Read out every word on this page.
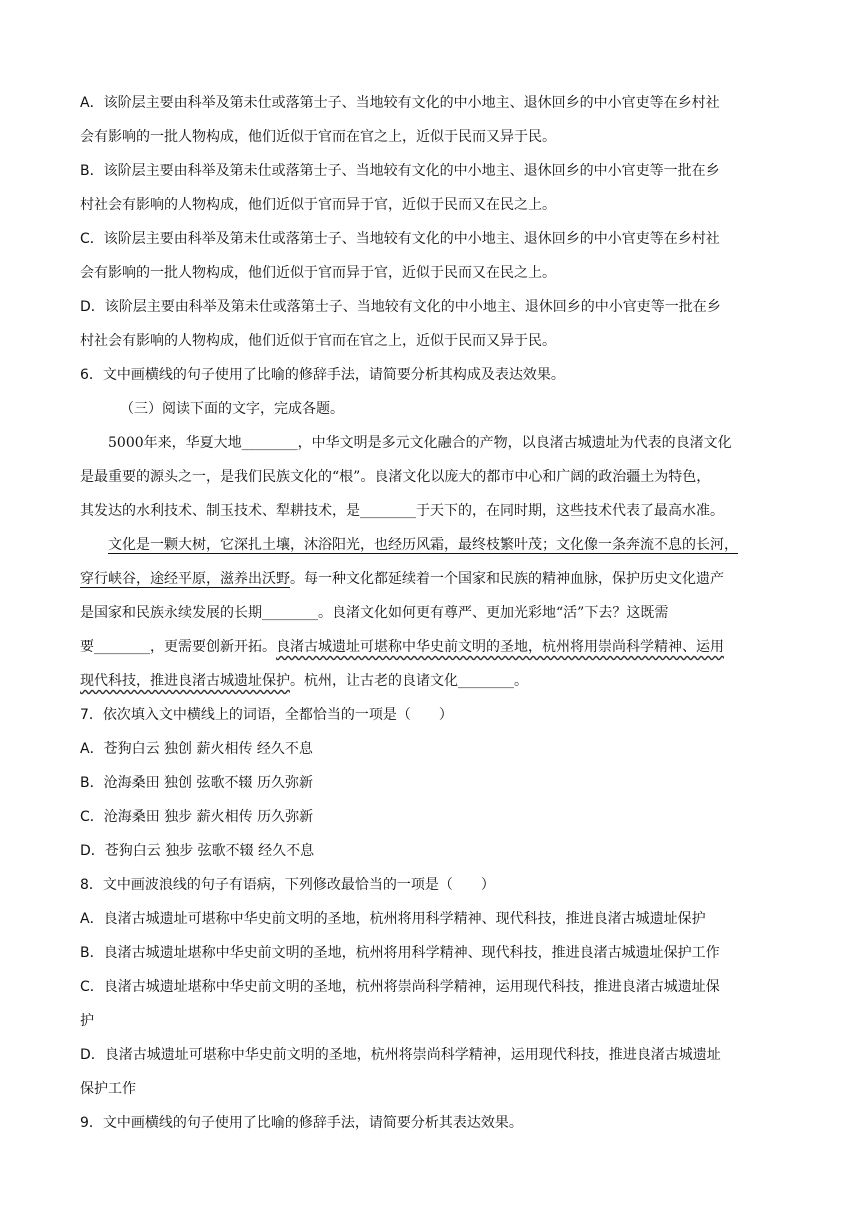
A．该阶层主要由科举及第未仕或落第士子、当地较有文化的中小地主、退休回乡的中小官吏等在乡村社
会有影响的一批人物构成，他们近似于官而在官之上，近似于民而又异于民。
B．该阶层主要由科举及第未仕或落第士子、当地较有文化的中小地主、退休回乡的中小官吏等一批在乡
村社会有影响的人物构成，他们近似于官而异于官，近似于民而又在民之上。
C．该阶层主要由科举及第未仕或落第士子、当地较有文化的中小地主、退休回乡的中小官吏等在乡村社
会有影响的一批人物构成，他们近似于官而异于官，近似于民而又在民之上。
D．该阶层主要由科举及第未仕或落第士子、当地较有文化的中小地主、退休回乡的中小官吏等一批在乡
村社会有影响的人物构成，他们近似于官而在官之上，近似于民而又异于民。
6．文中画横线的句子使用了比喻的修辞手法，请简要分析其构成及表达效果。
（三）阅读下面的文字，完成各题。
5000年来，华夏大地________，中华文明是多元文化融合的产物，以良渚古城遗址为代表的良渚文化
是最重要的源头之一，是我们民族文化的“根”。良渚文化以庞大的都市中心和广阔的政治疆土为特色，
其发达的水利技术、制玉技术、犁耕技术，是________于天下的，在同时期，这些技术代表了最高水准。
文化是一颗大树，它深扎土壤，沐浴阳光，也经历风霜，最终枝繁叶茂；文化像一条奔流不息的长河，
穿行峡谷，途经平原，滋养出沃野。每一种文化都延续着一个国家和民族的精神血脉，保护历史文化遗产
是国家和民族永续发展的长期________。良渚文化如何更有尊严、更加光彩地“活”下去？这既需
要________，更需要创新开拓。良渚古城遗址可堪称中华史前文明的圣地，杭州将用崇尚科学精神、运用
现代科技，推进良渚古城遗址保护。杭州，让古老的良诸文化________。
7．依次填入文中横线上的词语，全都恰当的一项是（　　）
A．苍狗白云 独创 薪火相传 经久不息
B．沧海桑田 独创 弦歌不辍 历久弥新
C．沧海桑田 独步 薪火相传 历久弥新
D．苍狗白云 独步 弦歌不辍 经久不息
8．文中画波浪线的句子有语病，下列修改最恰当的一项是（　　）
A．良渚古城遗址可堪称中华史前文明的圣地，杭州将用科学精神、现代科技，推进良渚古城遗址保护
B．良渚古城遗址堪称中华史前文明的圣地，杭州将用科学精神、现代科技，推进良渚古城遗址保护工作
C．良渚古城遗址堪称中华史前文明的圣地，杭州将崇尚科学精神，运用现代科技，推进良渚古城遗址保
护
D．良渚古城遗址可堪称中华史前文明的圣地，杭州将崇尚科学精神，运用现代科技，推进良渚古城遗址
保护工作
9．文中画横线的句子使用了比喻的修辞手法，请简要分析其表达效果。
